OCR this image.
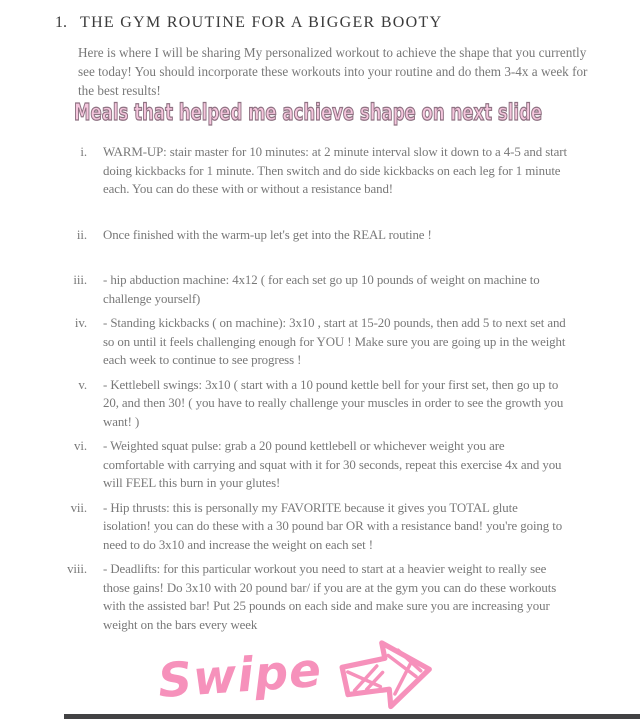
1. THE GYM ROUTINE FOR A BIGGER BOOTY
Here is where I will be sharing My personalized workout to achieve the shape that you currently see today! You should incorporate these workouts into your routine and do them 3-4x a week for the best results!
Meals that helped me achieve shape on next slide
i.	WARM-UP: stair master for 10 minutes: at 2 minute interval slow it down to a 4-5 and start doing kickbacks for 1 minute. Then switch and do side kickbacks on each leg for 1 minute each. You can do these with or without a resistance band!
ii.	Once finished with the warm-up let's get into the REAL routine !
iii.	- hip abduction machine: 4x12 ( for each set go up 10 pounds of weight on machine to challenge yourself)
iv.	- Standing kickbacks ( on machine): 3x10 , start at 15-20 pounds, then add 5 to next set and so on until it feels challenging enough for YOU ! Make sure you are going up in the weight each week to continue to see progress !
v.	- Kettlebell swings: 3x10 ( start with a 10 pound kettle bell for your first set, then go up to 20, and then 30! ( you have to really challenge your muscles in order to see the growth you want! )
vi.	- Weighted squat pulse: grab a 20 pound kettlebell or whichever weight you are comfortable with carrying and squat with it for 30 seconds, repeat this exercise 4x and you will FEEL this burn in your glutes!
vii.	- Hip thrusts: this is personally my FAVORITE because it gives you TOTAL glute isolation! you can do these with a 30 pound bar OR with a resistance band! you're going to need to do 3x10 and increase the weight on each set !
viii.	- Deadlifts: for this particular workout you need to start at a heavier weight to really see those gains! Do 3x10 with 20 pound bar/ if you are at the gym you can do these workouts with the assisted bar! Put 25 pounds on each side and make sure you are increasing your weight on the bars every week
Swipe
